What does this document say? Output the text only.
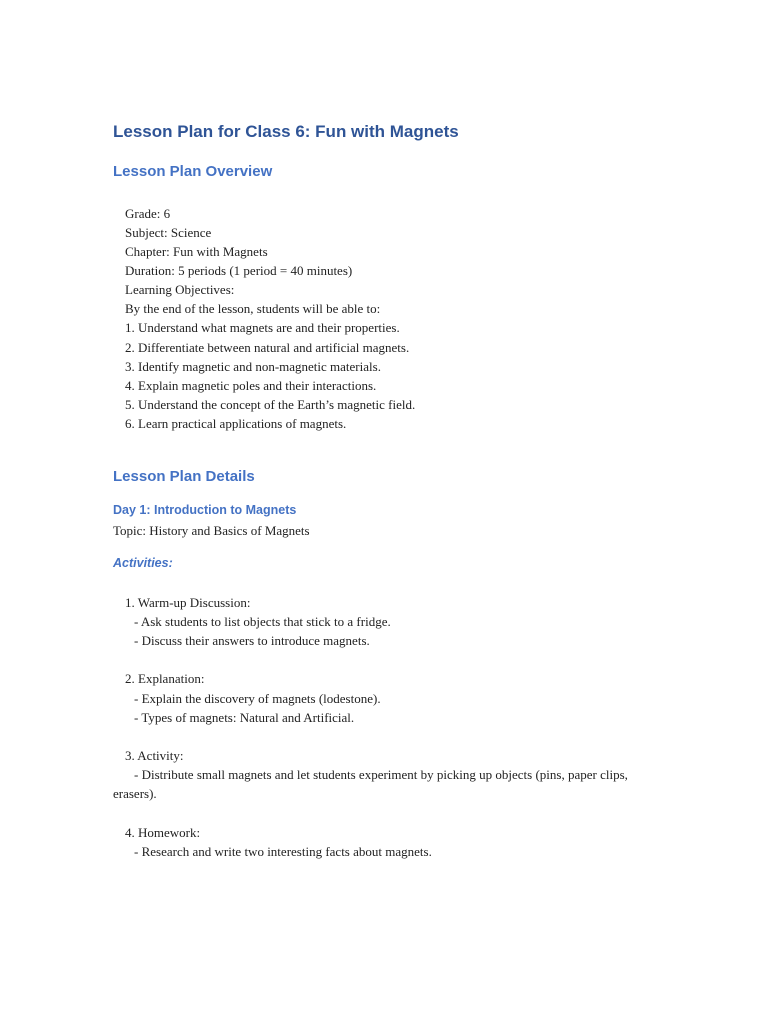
Lesson Plan for Class 6: Fun with Magnets
Lesson Plan Overview

Grade: 6

Subject: Science

Chapter: Fun with Magnets

Duration: 5 periods (1 period = 40 minutes)

Learning Objectives:

By the end of the lesson, students will be able to:

1. Understand what magnets are and their properties.

2. Differentiate between natural and artificial magnets.

3. Identify magnetic and non-magnetic materials.

4. Explain magnetic poles and their interactions.

5. Understand the concept of the Earth’s magnetic field.

6. Learn practical applications of magnets.

Lesson Plan Details
Day 1: Introduction to Magnets

Topic: History and Basics of Magnets

Activities:

1. Warm-up Discussion:

- Ask students to list objects that stick to a fridge.

- Discuss their answers to introduce magnets.

2. Explanation:

- Explain the discovery of magnets (lodestone).

- Types of magnets: Natural and Artificial.

3. Activity:

- Distribute small magnets and let students experiment by picking up objects (pins, paper clips, erasers).

4. Homework:

- Research and write two interesting facts about magnets.
